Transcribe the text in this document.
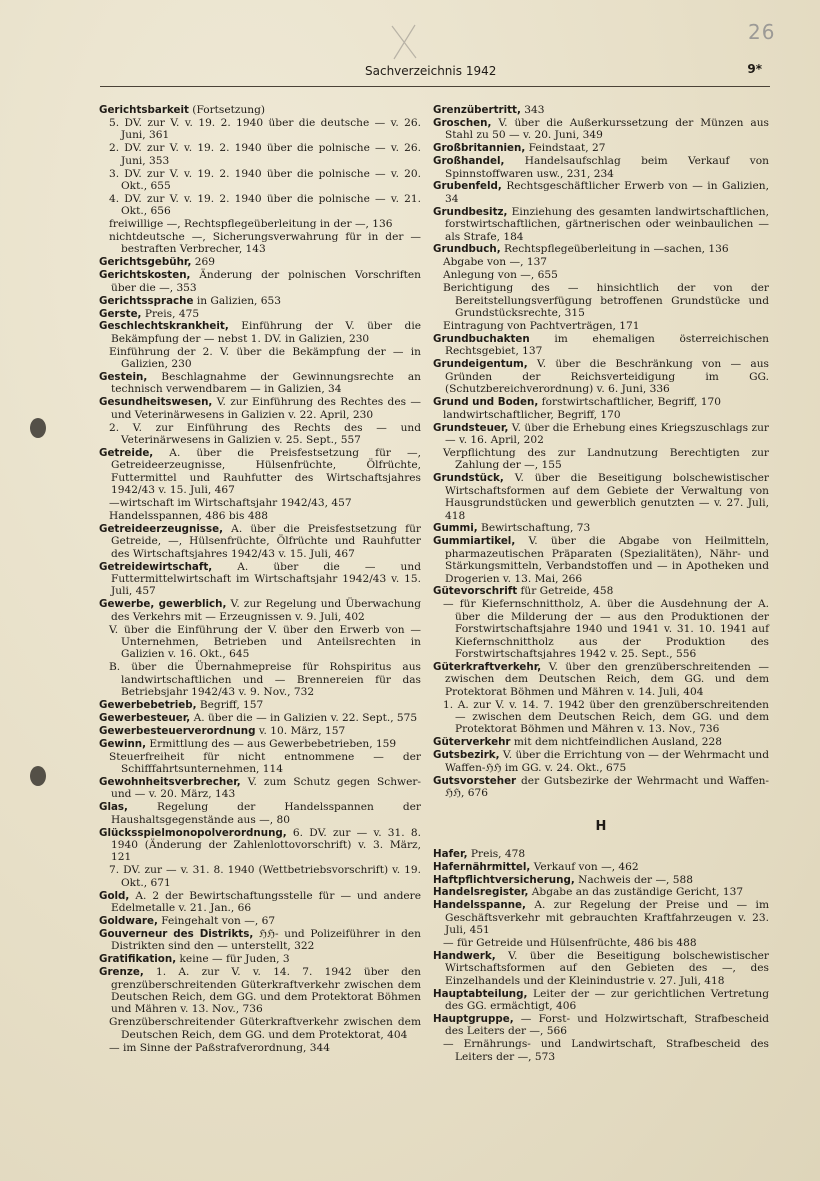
26
Sachverzeichnis 1942	9*
Gerichtsbarkeit (Fortsetzung)
5. DV. zur V. v. 19. 2. 1940 über die deutsche — v. 26. Juni, 361
2. DV. zur V. v. 19. 2. 1940 über die polnische — v. 26. Juni, 353
3. DV. zur V. v. 19. 2. 1940 über die polnische — v. 20. Okt., 655
4. DV. zur V. v. 19. 2. 1940 über die polnische — v. 21. Okt., 656
freiwillige —, Rechtspflegeüberleitung in der —, 136
nichtdeutsche —, Sicherungsverwahrung für in der — bestraften Verbrecher, 143
Gerichtsgebühr, 269
Gerichtskosten, Änderung der polnischen Vorschriften über die —, 353
Gerichtssprache in Galizien, 653
Gerste, Preis, 475
Geschlechtskrankheit, Einführung der V. über die Bekämpfung der — nebst 1. DV. in Galizien, 230
Einführung der 2. V. über die Bekämpfung der — in Galizien, 230
Gestein, Beschlagnahme der Gewinnungsrechte an technisch verwendbarem — in Galizien, 34
Gesundheitswesen, V. zur Einführung des Rechtes des — und Veterinärwesens in Galizien v. 22. April, 230
2. V. zur Einführung des Rechts des — und Veterinärwesens in Galizien v. 25. Sept., 557
Getreide, A. über die Preisfestsetzung für —, Getreideerzeugnisse, Hülsenfrüchte, Ölfrüchte, Futtermittel und Rauhfutter des Wirtschaftsjahres 1942/43 v. 15. Juli, 467
—wirtschaft im Wirtschaftsjahr 1942/43, 457
Handelsspannen, 486 bis 488
Getreideerzeugnisse, A. über die Preisfestsetzung für Getreide, —, Hülsenfrüchte, Ölfrüchte und Rauhfutter des Wirtschaftsjahres 1942/43 v. 15. Juli, 467
Getreidewirtschaft, A. über die — und Futtermittelwirtschaft im Wirtschaftsjahr 1942/43 v. 15. Juli, 457
Gewerbe, gewerblich, V. zur Regelung und Überwachung des Verkehrs mit — Erzeugnissen v. 9. Juli, 402
V. über die Einführung der V. über den Erwerb von — Unternehmen, Betrieben und Anteilsrechten in Galizien v. 16. Okt., 645
B. über die Übernahmepreise für Rohspiritus aus landwirtschaftlichen und — Brennereien für das Betriebsjahr 1942/43 v. 9. Nov., 732
Gewerbebetrieb, Begriff, 157
Gewerbesteuer, A. über die — in Galizien v. 22. Sept., 575
Gewerbesteuerverordnung v. 10. März, 157
Gewinn, Ermittlung des — aus Gewerbebetrieben, 159
Steuerfreiheit für nicht entnommene — der Schifffahrtsunternehmen, 114
Gewohnheitsverbrecher, V. zum Schutz gegen Schwer- und — v. 20. März, 143
Glas, Regelung der Handelsspannen der Haushaltsgegenstände aus —, 80
Glücksspielmonopolverordnung, 6. DV. zur — v. 31. 8. 1940 (Änderung der Zahlenlottovorschrift) v. 3. März, 121
7. DV. zur — v. 31. 8. 1940 (Wettbetriebsvorschrift) v. 19. Okt., 671
Gold, A. 2 der Bewirtschaftungsstelle für — und andere Edelmetalle v. 21. Jan., 66
Goldware, Feingehalt von —, 67
Gouverneur des Distrikts, ℌℌ- und Polizeiführer in den Distrikten sind den — unterstellt, 322
Gratifikation, keine — für Juden, 3
Grenze, 1. A. zur V. v. 14. 7. 1942 über den grenzüberschreitenden Güterkraftverkehr zwischen dem Deutschen Reich, dem GG. und dem Protektorat Böhmen und Mähren v. 13. Nov., 736
Grenzüberschreitender Güterkraftverkehr zwischen dem Deutschen Reich, dem GG. und dem Protektorat, 404
— im Sinne der Paßstrafverordnung, 344
Grenzübertritt, 343
Groschen, V. über die Außerkurssetzung der Münzen aus Stahl zu 50 — v. 20. Juni, 349
Großbritannien, Feindstaat, 27
Großhandel, Handelsaufschlag beim Verkauf von Spinnstoffwaren usw., 231, 234
Grubenfeld, Rechtsgeschäftlicher Erwerb von — in Galizien, 34
Grundbesitz, Einziehung des gesamten landwirtschaftlichen, forstwirtschaftlichen, gärtnerischen oder weinbaulichen — als Strafe, 184
Grundbuch, Rechtspflegeüberleitung in —sachen, 136
Abgabe von —, 137
Anlegung von —, 655
Berichtigung des — hinsichtlich der von der Bereitstellungsverfügung betroffenen Grundstücke und Grundstücksrechte, 315
Eintragung von Pachtverträgen, 171
Grundbuchakten im ehemaligen österreichischen Rechtsgebiet, 137
Grundeigentum, V. über die Beschränkung von — aus Gründen der Reichsverteidigung im GG. (Schutzbereichverordnung) v. 6. Juni, 336
Grund und Boden, forstwirtschaftlicher, Begriff, 170
landwirtschaftlicher, Begriff, 170
Grundsteuer, V. über die Erhebung eines Kriegszuschlags zur — v. 16. April, 202
Verpflichtung des zur Landnutzung Berechtigten zur Zahlung der —, 155
Grundstück, V. über die Beseitigung bolschewistischer Wirtschaftsformen auf dem Gebiete der Verwaltung von Hausgrundstücken und gewerblich genutzten — v. 27. Juli, 418
Gummi, Bewirtschaftung, 73
Gummiartikel, V. über die Abgabe von Heilmitteln, pharmazeutischen Präparaten (Spezialitäten), Nähr- und Stärkungsmitteln, Verbandstoffen und — in Apotheken und Drogerien v. 13. Mai, 266
Gütevorschrift für Getreide, 458
— für Kiefernschnittholz, A. über die Ausdehnung der A. über die Milderung der — aus den Produktionen der Forstwirtschaftsjahre 1940 und 1941 v. 31. 10. 1941 auf Kiefernschnittholz aus der Produktion des Forstwirtschaftsjahres 1942 v. 25. Sept., 556
Güterkraftverkehr, V. über den grenzüberschreitenden — zwischen dem Deutschen Reich, dem GG. und dem Protektorat Böhmen und Mähren v. 14. Juli, 404
1. A. zur V. v. 14. 7. 1942 über den grenzüberschreitenden — zwischen dem Deutschen Reich, dem GG. und dem Protektorat Böhmen und Mähren v. 13. Nov., 736
Güterverkehr mit dem nichtfeindlichen Ausland, 228
Gutsbezirk, V. über die Errichtung von — der Wehrmacht und Waffen-ℌℌ im GG. v. 24. Okt., 675
Gutsvorsteher der Gutsbezirke der Wehrmacht und Waffen-ℌℌ, 676
H
Hafer, Preis, 478
Hafernährmittel, Verkauf von —, 462
Haftpflichtversicherung, Nachweis der —, 588
Handelsregister, Abgabe an das zuständige Gericht, 137
Handelsspanne, A. zur Regelung der Preise und — im Geschäftsverkehr mit gebrauchten Kraftfahrzeugen v. 23. Juli, 451
— für Getreide und Hülsenfrüchte, 486 bis 488
Handwerk, V. über die Beseitigung bolschewistischer Wirtschaftsformen auf den Gebieten des —, des Einzelhandels und der Kleinindustrie v. 27. Juli, 418
Hauptabteilung, Leiter der — zur gerichtlichen Vertretung des GG. ermächtigt, 406
Hauptgruppe, — Forst- und Holzwirtschaft, Strafbescheid des Leiters der —, 566
— Ernährungs- und Landwirtschaft, Strafbescheid des Leiters der —, 573
